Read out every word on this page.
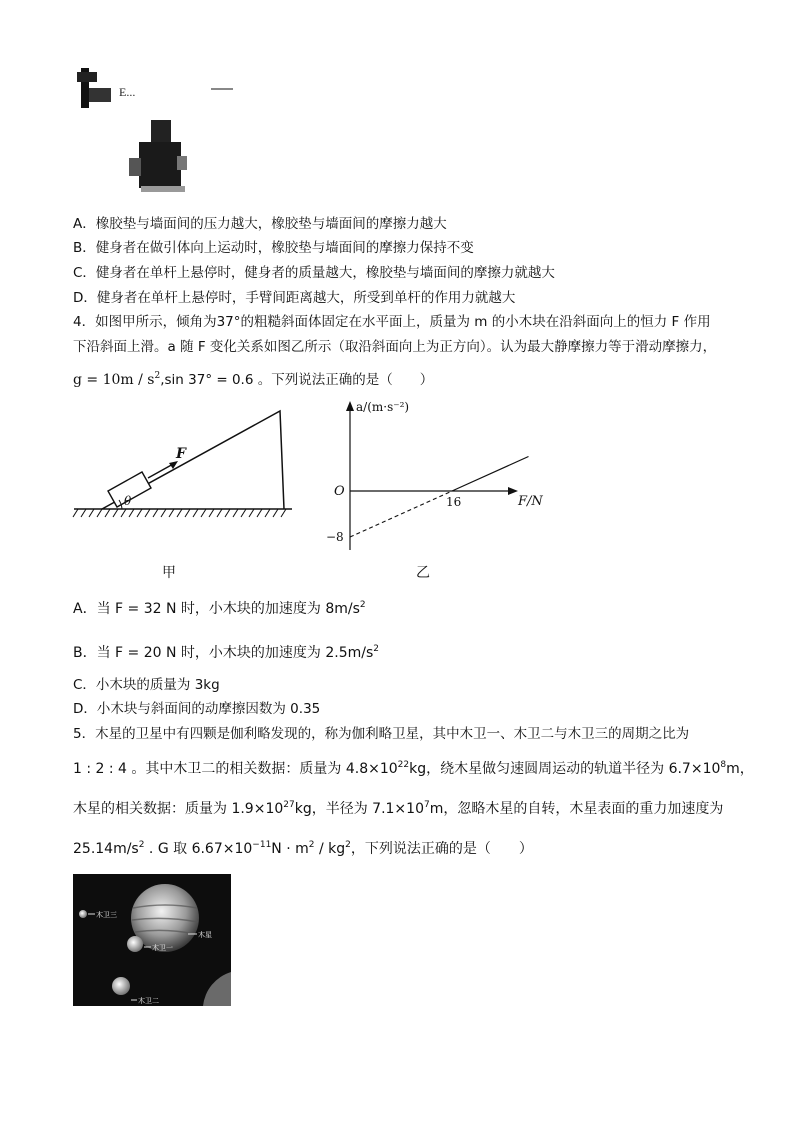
E...
A．橡胶垫与墙面间的压力越大，橡胶垫与墙面间的摩擦力越大
B．健身者在做引体向上运动时，橡胶垫与墙面间的摩擦力保持不变
C．健身者在单杆上悬停时，健身者的质量越大，橡胶垫与墙面间的摩擦力就越大
D．健身者在单杆上悬停时，手臂间距离越大，所受到单杆的作用力就越大
4．如图甲所示，倾角为37°的粗糙斜面体固定在水平面上，质量为 m 的小木块在沿斜面向上的恒力 F 作用
下沿斜面上滑。a 随 F 变化关系如图乙所示（取沿斜面向上为正方向）。认为最大静摩擦力等于滑动摩擦力，
$g = 10m / s^2,\sin$ 37° = 0.6 。下列说法正确的是（　　）
F
θ
甲
a/(m·s⁻²)
F/N
O
16
−8
乙
A．当 F = 32 N 时，小木块的加速度为 $8m/s^2$
B．当 F = 20 N 时，小木块的加速度为 $2.5m/s^2$
C．小木块的质量为 3kg
D．小木块与斜面间的动摩擦因数为 0.35
5．木星的卫星中有四颗是伽利略发现的，称为伽利略卫星，其中木卫一、木卫二与木卫三的周期之比为
1 : 2 : 4 。其中木卫二的相关数据：质量为 $4.8\times 10^{22}kg$，绕木星做匀速圆周运动的轨道半径为 $6.7\times 10^8m$，
木星的相关数据：质量为 $1.9\times 10^{27}kg$，半径为 $7.1\times 10^7m$，忽略木星的自转，木星表面的重力加速度为
$25.14m/s^2$ . G 取 $6.67\times 10^{-11}N \cdot m^2 / kg^2$，下列说法正确的是（　　）
木卫三
木星
木卫一
木卫二
